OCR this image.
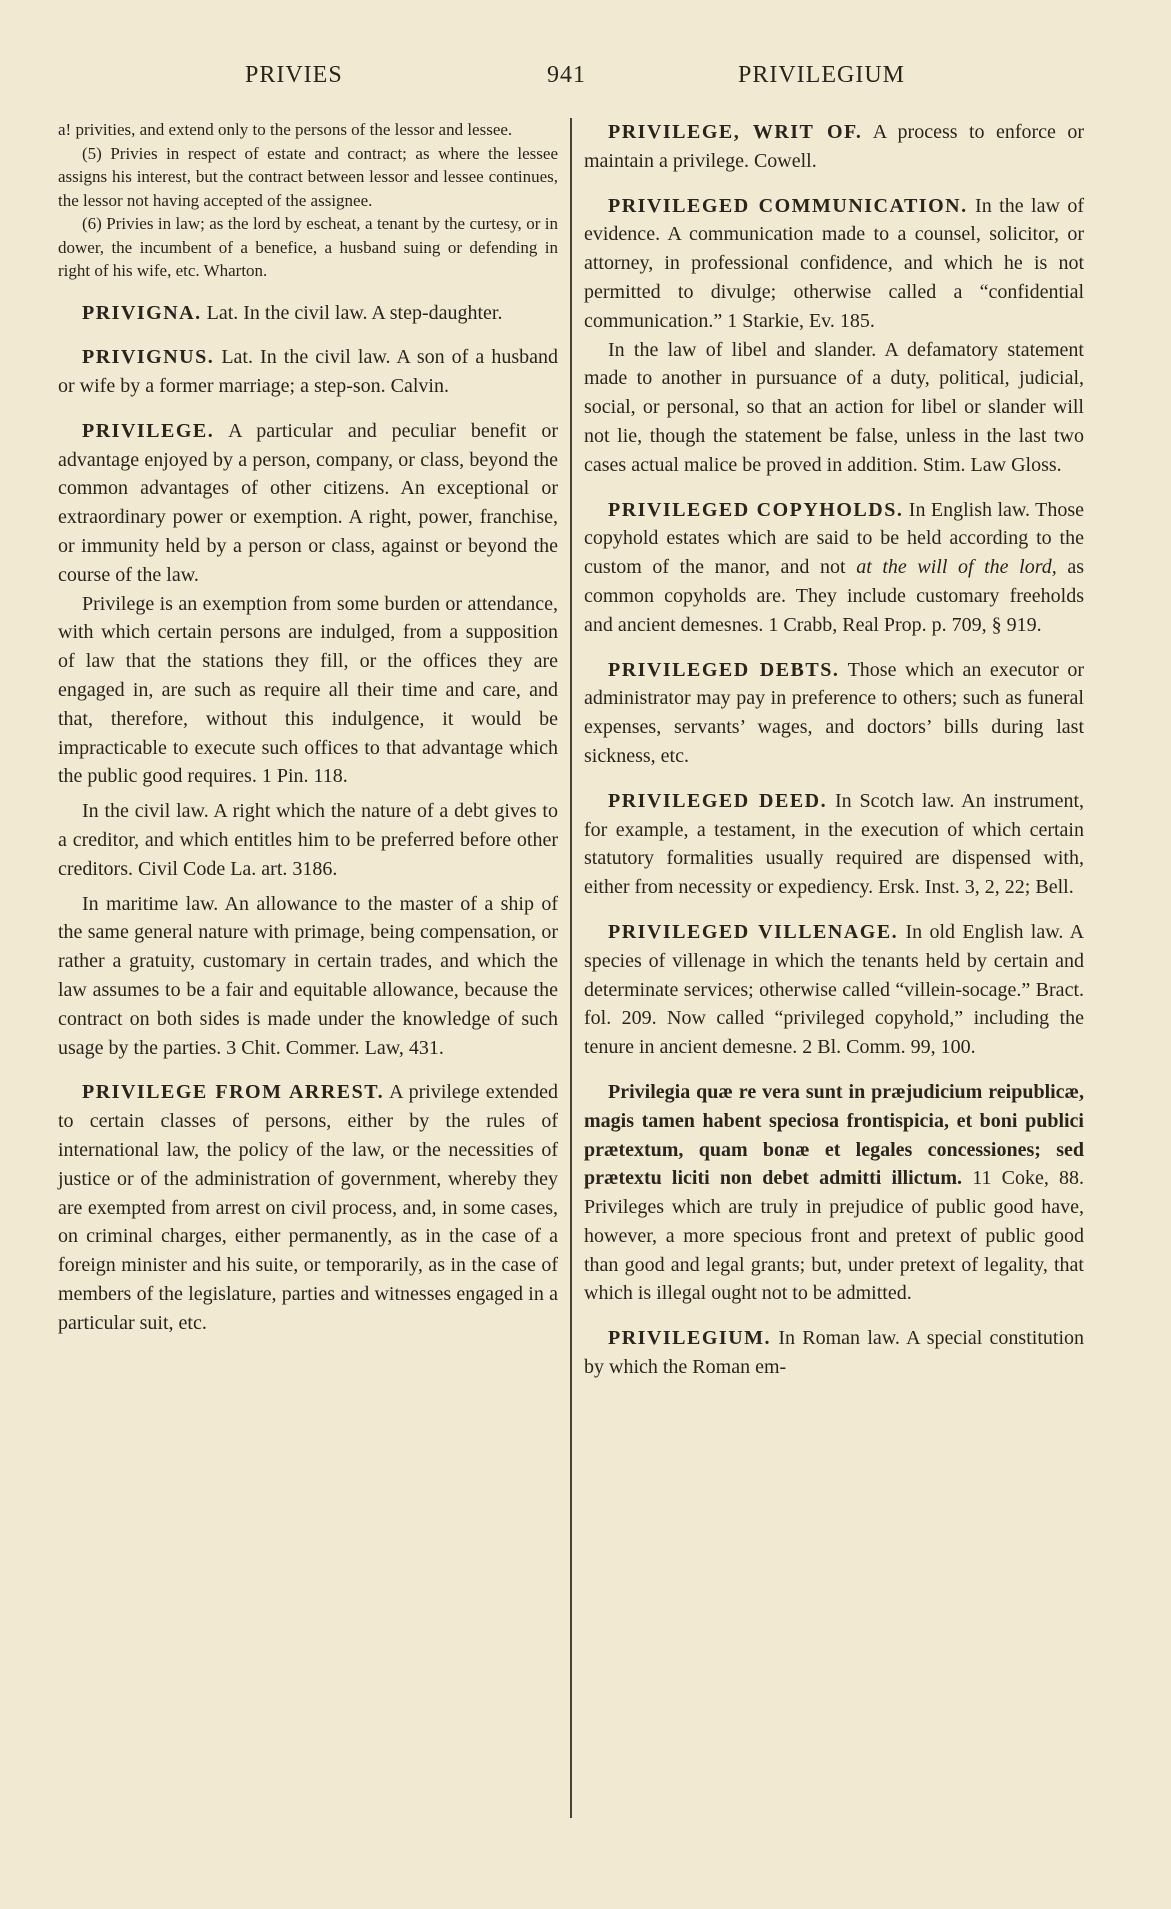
PRIVIES	941	PRIVILEGIUM

a! privities, and extend only to the persons of the lessor and lessee.

(5) Privies in respect of estate and contract; as where the lessee assigns his interest, but the contract between lessor and lessee continues, the lessor not having accepted of the assignee.

(6) Privies in law; as the lord by escheat, a tenant by the curtesy, or in dower, the incumbent of a benefice, a husband suing or defending in right of his wife, etc. Wharton.

PRIVIGNA. Lat. In the civil law. A step-daughter.

PRIVIGNUS. Lat. In the civil law. A son of a husband or wife by a former marriage; a step-son. Calvin.

PRIVILEGE. A particular and peculiar benefit or advantage enjoyed by a person, company, or class, beyond the common advantages of other citizens. An exceptional or extraordinary power or exemption. A right, power, franchise, or immunity held by a person or class, against or beyond the course of the law.

Privilege is an exemption from some burden or attendance, with which certain persons are indulged, from a supposition of law that the stations they fill, or the offices they are engaged in, are such as require all their time and care, and that, therefore, without this indulgence, it would be impracticable to execute such offices to that advantage which the public good requires. 1 Pin. 118.

In the civil law. A right which the nature of a debt gives to a creditor, and which entitles him to be preferred before other creditors. Civil Code La. art. 3186.

In maritime law. An allowance to the master of a ship of the same general nature with primage, being compensation, or rather a gratuity, customary in certain trades, and which the law assumes to be a fair and equitable allowance, because the contract on both sides is made under the knowledge of such usage by the parties. 3 Chit. Commer. Law, 431.

PRIVILEGE FROM ARREST. A privilege extended to certain classes of persons, either by the rules of international law, the policy of the law, or the necessities of justice or of the administration of government, whereby they are exempted from arrest on civil process, and, in some cases, on criminal charges, either permanently, as in the case of a foreign minister and his suite, or temporarily, as in the case of members of the legislature, parties and witnesses engaged in a particular suit, etc.

PRIVILEGE, WRIT OF. A process to enforce or maintain a privilege. Cowell.

PRIVILEGED COMMUNICATION. In the law of evidence. A communication made to a counsel, solicitor, or attorney, in professional confidence, and which he is not permitted to divulge; otherwise called a “confidential communication.” 1 Starkie, Ev. 185.

In the law of libel and slander. A defamatory statement made to another in pursuance of a duty, political, judicial, social, or personal, so that an action for libel or slander will not lie, though the statement be false, unless in the last two cases actual malice be proved in addition. Stim. Law Gloss.

PRIVILEGED COPYHOLDS. In English law. Those copyhold estates which are said to be held according to the custom of the manor, and not at the will of the lord, as common copyholds are. They include customary freeholds and ancient demesnes. 1 Crabb, Real Prop. p. 709, § 919.

PRIVILEGED DEBTS. Those which an executor or administrator may pay in preference to others; such as funeral expenses, servants’ wages, and doctors’ bills during last sickness, etc.

PRIVILEGED DEED. In Scotch law. An instrument, for example, a testament, in the execution of which certain statutory formalities usually required are dispensed with, either from necessity or expediency. Ersk. Inst. 3, 2, 22; Bell.

PRIVILEGED VILLENAGE. In old English law. A species of villenage in which the tenants held by certain and determinate services; otherwise called “villein-socage.” Bract. fol. 209. Now called “privileged copyhold,” including the tenure in ancient demesne. 2 Bl. Comm. 99, 100.

Privilegia quæ re vera sunt in præjudicium reipublicæ, magis tamen habent speciosa frontispicia, et boni publici prætextum, quam bonæ et legales concessiones; sed prætextu liciti non debet admitti illictum. 11 Coke, 88. Privileges which are truly in prejudice of public good have, however, a more specious front and pretext of public good than good and legal grants; but, under pretext of legality, that which is illegal ought not to be admitted.

PRIVILEGIUM. In Roman law. A special constitution by which the Roman em-
